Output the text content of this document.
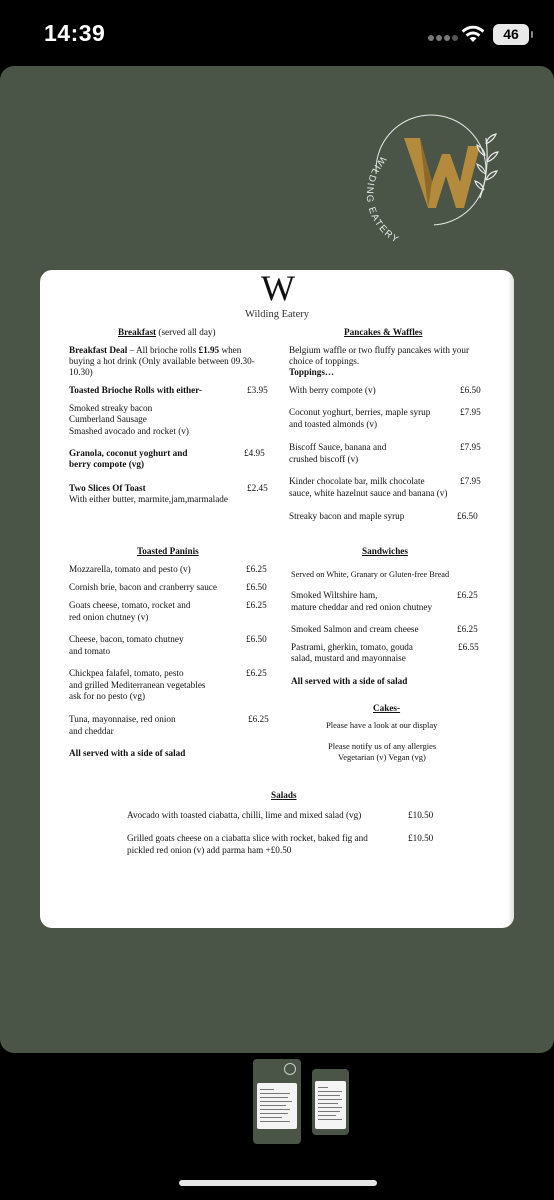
14:39	46
WILDING EATERY
W
Wilding Eatery
Breakfast (served all day)
Breakfast Deal – All brioche rolls £1.95 when
buying a hot drink (Only available between 09.30-
10.30)
Toasted Brioche Rolls with either-	£3.95
Smoked streaky bacon
Cumberland Sausage
Smashed avocado and rocket (v)
Granola, coconut yoghurt and
berry compote (vg)
£4.95
Two Slices Of Toast	£2.45
With either butter, marmite,jam,marmalade
Pancakes & Waffles
Belgium waffle or two fluffy pancakes with your
choice of toppings.
Toppings…
With berry compote (v)	£6.50
Coconut yoghurt, berries, maple syrup
and toasted almonds (v)
£7.95
Biscoff Sauce, banana and
crushed biscoff (v)
£7.95
Kinder chocolate bar, milk chocolate
sauce, white hazelnut sauce and banana (v)
£7.95
Streaky bacon and maple syrup	£6.50
Toasted Paninis
Mozzarella, tomato and pesto (v)	£6.25
Cornish brie, bacon and cranberry sauce	£6.50
Goats cheese, tomato, rocket and
red onion chutney (v)
£6.25
Cheese, bacon, tomato chutney
and tomato
£6.50
Chickpea falafel, tomato, pesto
and grilled Mediterranean vegetables
ask for no pesto (vg)
£6.25
Tuna, mayonnaise, red onion
and cheddar
£6.25
All served with a side of salad
Sandwiches
Served on White, Granary or Gluten-free Bread
Smoked Wiltshire ham,
mature cheddar and red onion chutney
£6.25
Smoked Salmon and cream cheese	£6.25
Pastrami, gherkin, tomato, gouda
salad, mustard and mayonnaise
£6.55
All served with a side of salad
Cakes-
Please have a look at our display
Please notify us of any allergies
Vegetarian (v) Vegan (vg)
Salads
Avocado with toasted ciabatta, chilli, lime and mixed salad (vg)	£10.50
Grilled goats cheese on a ciabatta slice with rocket, baked fig and
pickled red onion (v) add parma ham +£0.50
£10.50
